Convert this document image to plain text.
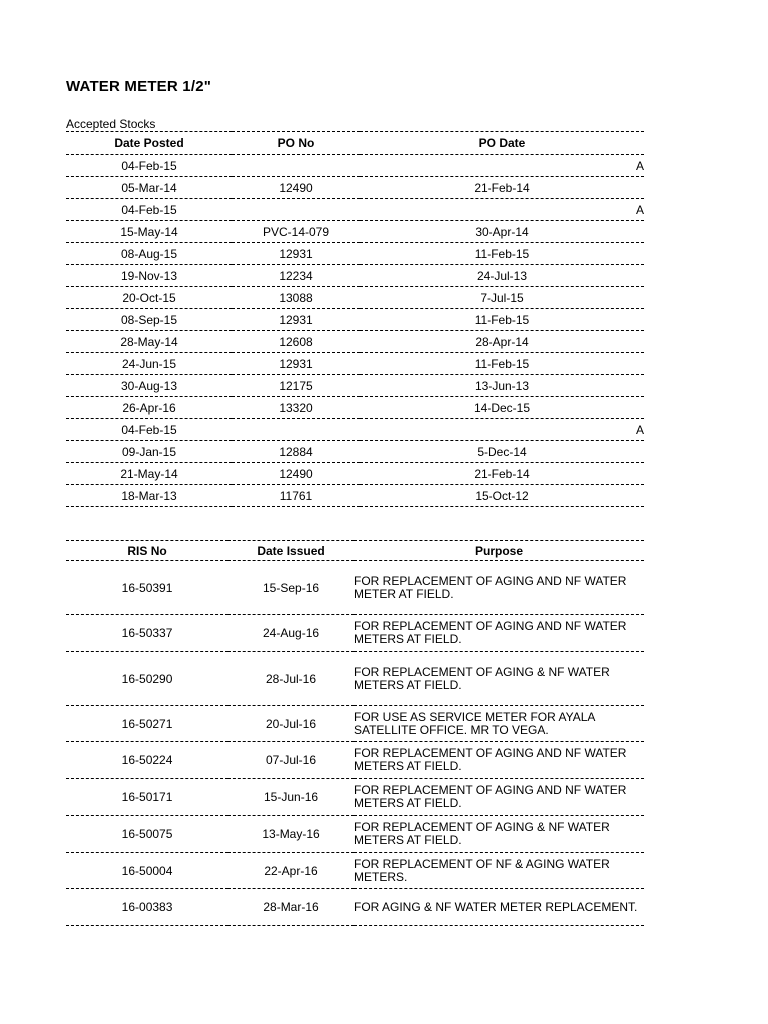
WATER METER 1/2"
Accepted Stocks
Date Posted	PO No	PO Date
04-Feb-15		A

05-Mar-14	12490	21-Feb-14

04-Feb-15		A

15-May-14	PVC-14-079	30-Apr-14

08-Aug-15	12931	11-Feb-15

19-Nov-13	12234	24-Jul-13

20-Oct-15	13088	7-Jul-15

08-Sep-15	12931	11-Feb-15

28-May-14	12608	28-Apr-14

24-Jun-15	12931	11-Feb-15

30-Aug-13	12175	13-Jun-13

26-Apr-16	13320	14-Dec-15

04-Feb-15		A

09-Jan-15	12884	5-Dec-14

21-May-14	12490	21-Feb-14

18-Mar-13	11761	15-Oct-12
RIS No	Date Issued	Purpose
16-50391	15-Sep-16	FOR REPLACEMENT OF AGING AND NF WATER METER AT FIELD.

16-50337	24-Aug-16	FOR REPLACEMENT OF AGING AND NF WATER METERS AT FIELD.

16-50290	28-Jul-16	FOR REPLACEMENT OF AGING & NF WATER METERS AT FIELD.

16-50271	20-Jul-16	FOR USE AS SERVICE METER FOR AYALA SATELLITE OFFICE. MR TO VEGA.

16-50224	07-Jul-16	FOR REPLACEMENT OF AGING AND NF WATER METERS AT FIELD.

16-50171	15-Jun-16	FOR REPLACEMENT OF AGING AND NF WATER METERS AT FIELD.

16-50075	13-May-16	FOR REPLACEMENT OF AGING & NF WATER METERS AT FIELD.

16-50004	22-Apr-16	FOR REPLACEMENT OF NF & AGING WATER METERS.

16-00383	28-Mar-16	FOR AGING & NF WATER METER REPLACEMENT.
